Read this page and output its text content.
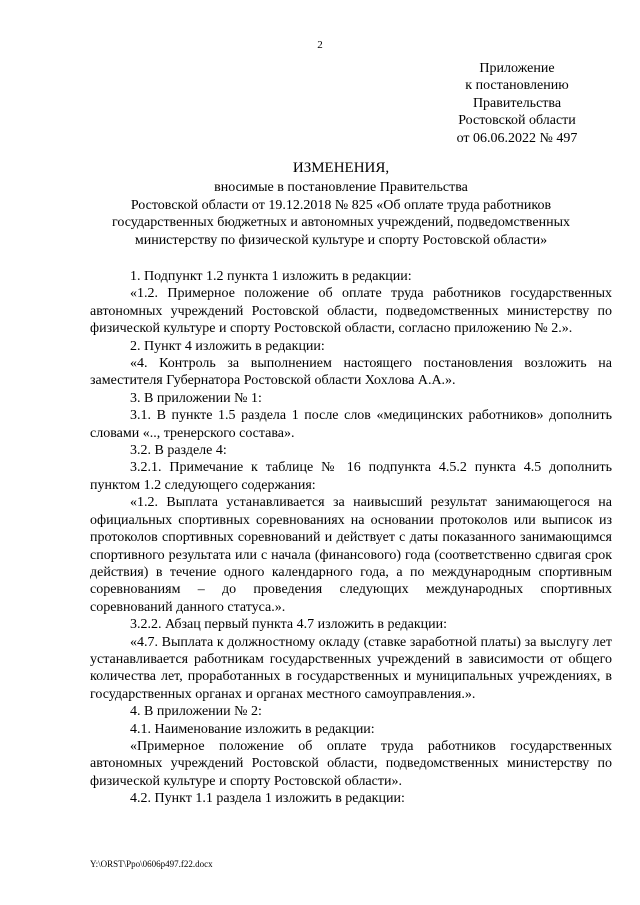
2
Приложение
к постановлению
Правительства
Ростовской области
от 06.06.2022 № 497
ИЗМЕНЕНИЯ,
вносимые в постановление Правительства
Ростовской области от 19.12.2018 № 825 «Об оплате труда работников
государственных бюджетных и автономных учреждений, подведомственных
министерству по физической культуре и спорту Ростовской области»

1. Подпункт 1.2 пункта 1 изложить в редакции:

«1.2. Примерное положение об оплате труда работников государственных автономных учреждений Ростовской области, подведомственных министерству по физической культуре и спорту Ростовской области, согласно приложению № 2.».

2. Пункт 4 изложить в редакции:

«4. Контроль за выполнением настоящего постановления возложить на заместителя Губернатора Ростовской области Хохлова А.А.».

3. В приложении № 1:

3.1. В пункте 1.5 раздела 1 после слов «медицинских работников» дополнить словами «.., тренерского состава».

3.2. В разделе 4:

3.2.1. Примечание к таблице № 16 подпункта 4.5.2 пункта 4.5 дополнить пунктом 1.2 следующего содержания:

«1.2. Выплата устанавливается за наивысший результат занимающегося на официальных спортивных соревнованиях на основании протоколов или выписок из протоколов спортивных соревнований и действует с даты показанного занимающимся спортивного результата или с начала (финансового) года (соответственно сдвигая срок действия) в течение одного календарного года, а по международным спортивным соревнованиям – до проведения следующих международных спортивных соревнований данного статуса.».

3.2.2. Абзац первый пункта 4.7 изложить в редакции:

«4.7. Выплата к должностному окладу (ставке заработной платы) за выслугу лет устанавливается работникам государственных учреждений в зависимости от общего количества лет, проработанных в государственных и муниципальных учреждениях, в государственных органах и органах местного самоуправления.».

4. В приложении № 2:

4.1. Наименование изложить в редакции:

«Примерное положение об оплате труда работников государственных автономных учреждений Ростовской области, подведомственных министерству по физической культуре и спорту Ростовской области».

4.2. Пункт 1.1 раздела 1 изложить в редакции:

Y:\ORST\Ppo\0606p497.f22.docx
